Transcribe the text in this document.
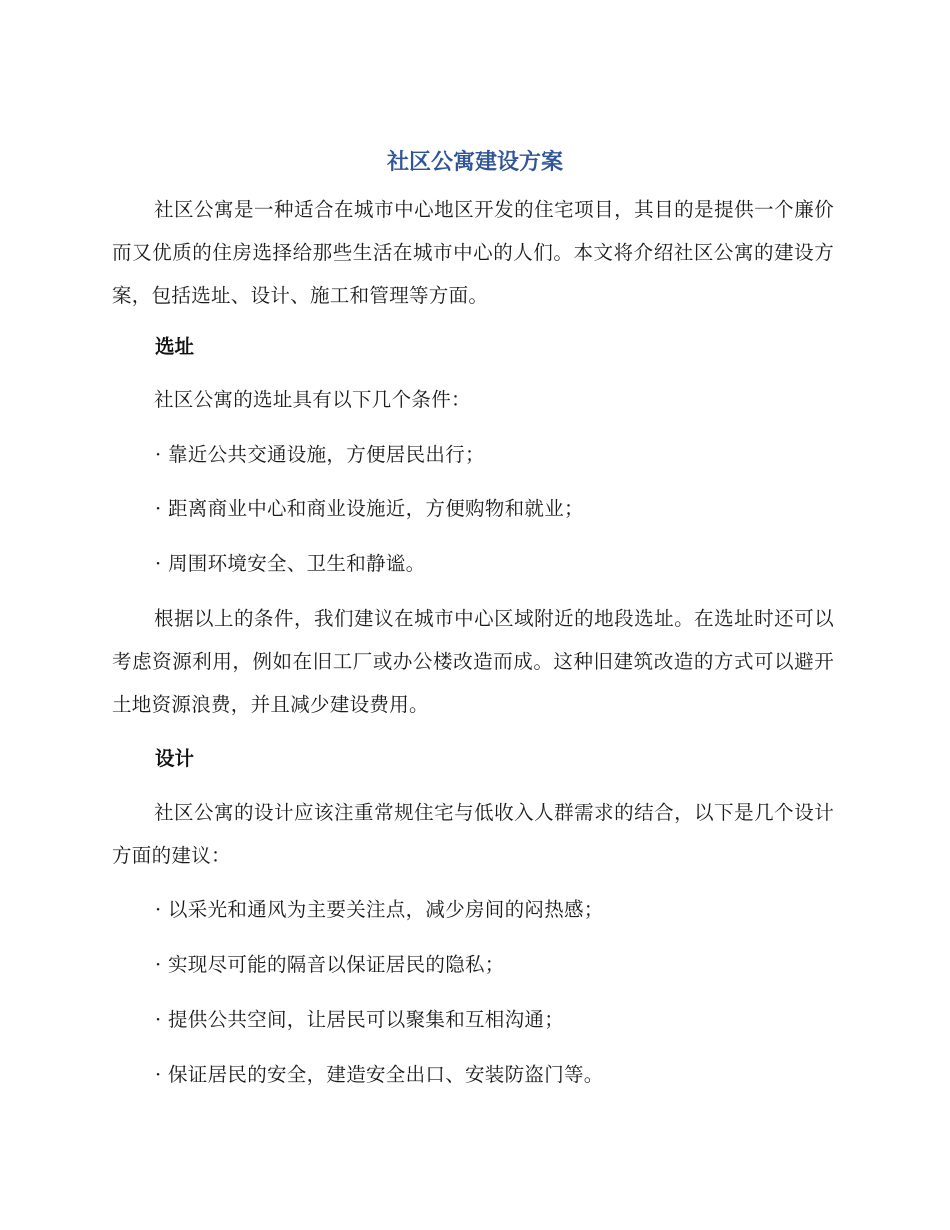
社区公寓建设方案

社区公寓是一种适合在城市中心地区开发的住宅项目，其目的是提供一个廉价而又优质的住房选择给那些生活在城市中心的人们。本文将介绍社区公寓的建设方案，包括选址、设计、施工和管理等方面。

选址

社区公寓的选址具有以下几个条件：

· 靠近公共交通设施，方便居民出行；

· 距离商业中心和商业设施近，方便购物和就业；

· 周围环境安全、卫生和静谧。

根据以上的条件，我们建议在城市中心区域附近的地段选址。在选址时还可以考虑资源利用，例如在旧工厂或办公楼改造而成。这种旧建筑改造的方式可以避开土地资源浪费，并且减少建设费用。

设计

社区公寓的设计应该注重常规住宅与低收入人群需求的结合，以下是几个设计方面的建议：

· 以采光和通风为主要关注点，减少房间的闷热感；

· 实现尽可能的隔音以保证居民的隐私；

· 提供公共空间，让居民可以聚集和互相沟通；

· 保证居民的安全，建造安全出口、安装防盗门等。
